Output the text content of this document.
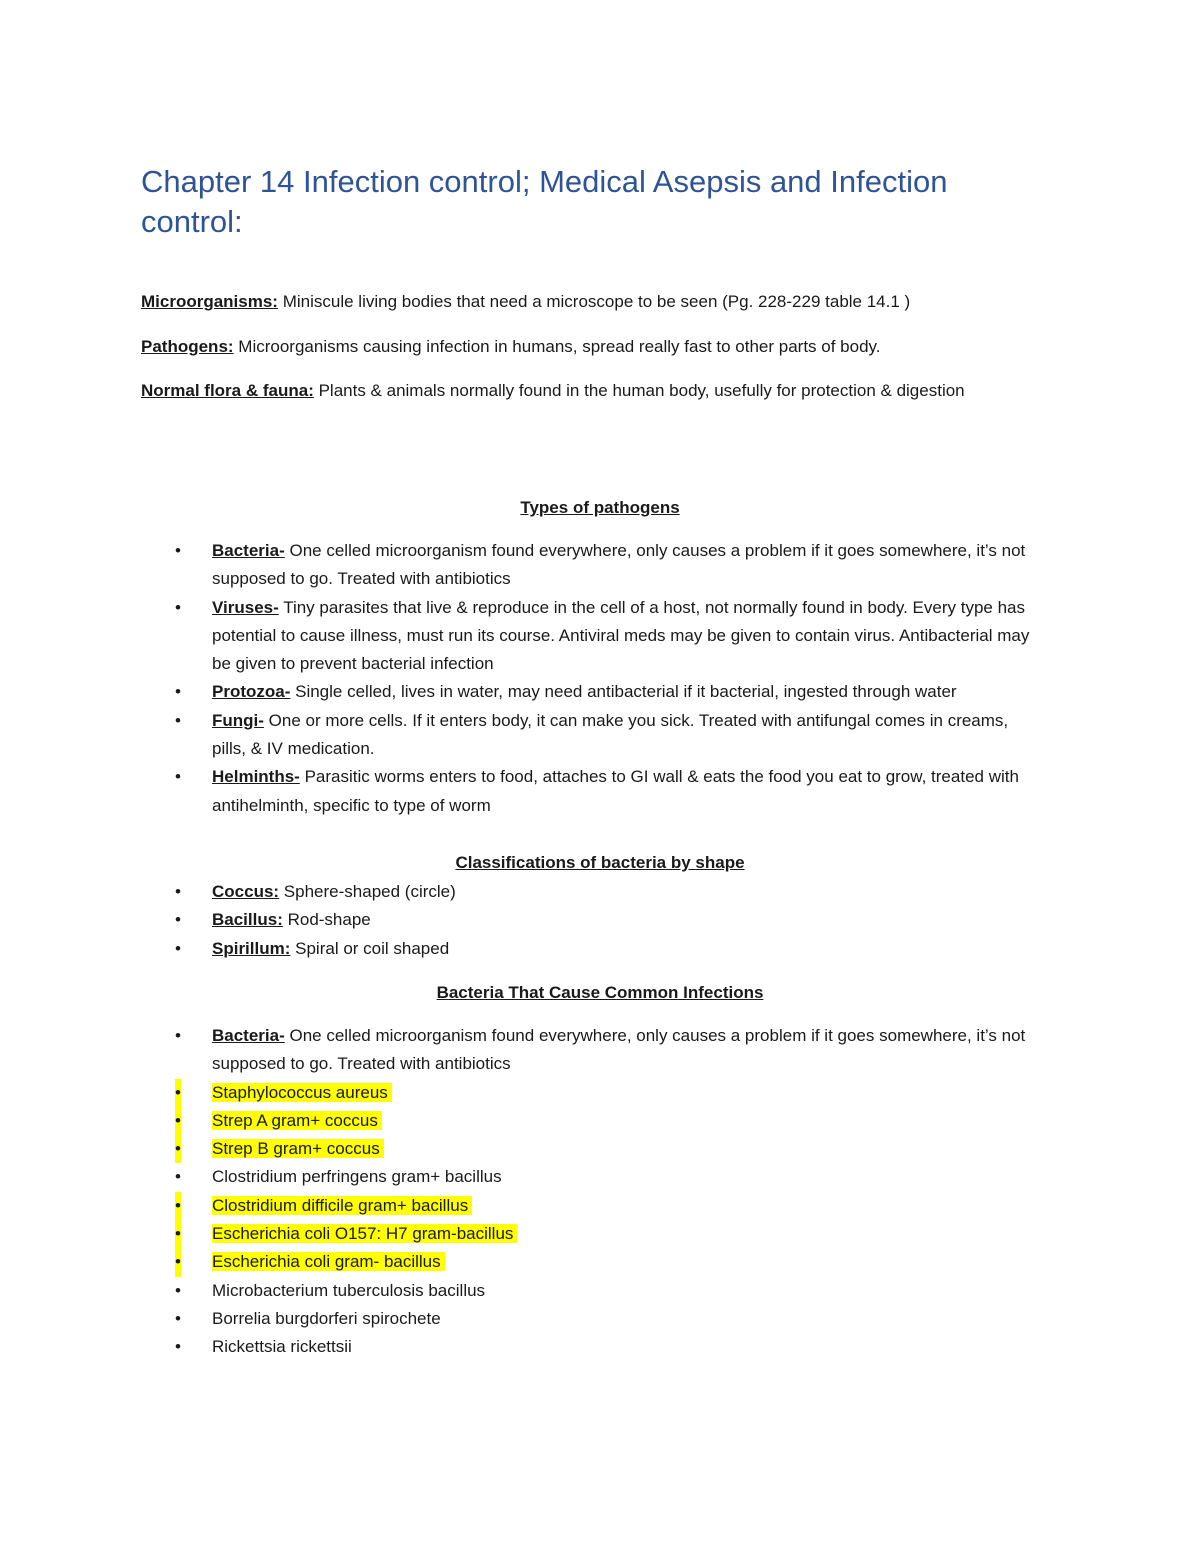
Chapter 14 Infection control; Medical Asepsis and Infection control:

Microorganisms: Miniscule living bodies that need a microscope to be seen (Pg. 228-229 table 14.1 )

Pathogens: Microorganisms causing infection in humans, spread really fast to other parts of body.

Normal flora & fauna: Plants & animals normally found in the human body, usefully for protection & digestion

Types of pathogens

• Bacteria- One celled microorganism found everywhere, only causes a problem if it goes somewhere, it’s not supposed to go. Treated with antibiotics
• Viruses- Tiny parasites that live & reproduce in the cell of a host, not normally found in body. Every type has potential to cause illness, must run its course. Antiviral meds may be given to contain virus. Antibacterial may be given to prevent bacterial infection
• Protozoa- Single celled, lives in water, may need antibacterial if it bacterial, ingested through water
• Fungi- One or more cells. If it enters body, it can make you sick. Treated with antifungal comes in creams, pills, & IV medication.
• Helminths- Parasitic worms enters to food, attaches to GI wall & eats the food you eat to grow, treated with antihelminth, specific to type of worm

Classifications of bacteria by shape

• Coccus: Sphere-shaped (circle)
• Bacillus: Rod-shape
• Spirillum: Spiral or coil shaped

Bacteria That Cause Common Infections

• Bacteria- One celled microorganism found everywhere, only causes a problem if it goes somewhere, it’s not supposed to go. Treated with antibiotics
• Staphylococcus aureus
• Strep A gram+ coccus
• Strep B gram+ coccus
• Clostridium perfringens gram+ bacillus
• Clostridium difficile gram+ bacillus
• Escherichia coli O157: H7 gram-bacillus
• Escherichia coli gram- bacillus
• Microbacterium tuberculosis bacillus
• Borrelia burgdorferi spirochete
• Rickettsia rickettsii
